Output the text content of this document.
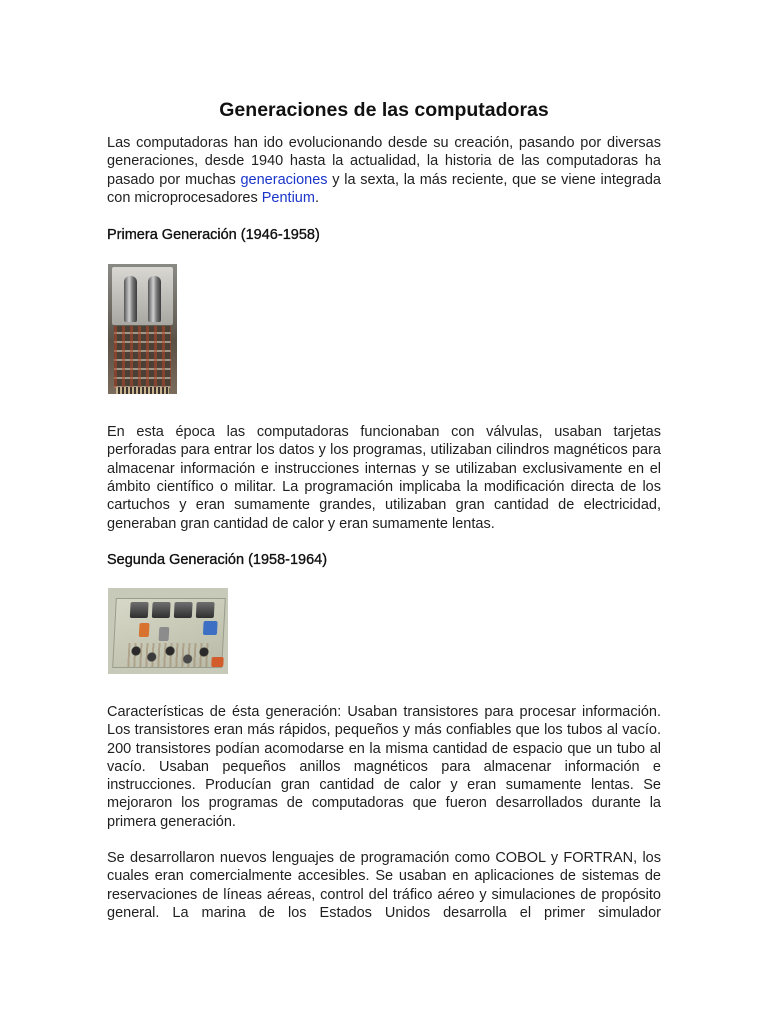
Generaciones de las computadoras

Las computadoras han ido evolucionando desde su creación, pasando por diversas generaciones, desde 1940 hasta la actualidad, la historia de las computadoras ha pasado por muchas generaciones y la sexta, la más reciente, que se viene integrada con microprocesadores Pentium.

Primera Generación (1946-1958)

En esta época las computadoras funcionaban con válvulas, usaban tarjetas perforadas para entrar los datos y los programas, utilizaban cilindros magnéticos para almacenar información e instrucciones internas y se utilizaban exclusivamente en el ámbito científico o militar. La programación implicaba la modificación directa de los cartuchos y eran sumamente grandes, utilizaban gran cantidad de electricidad, generaban gran cantidad de calor y eran sumamente lentas.

Segunda Generación (1958-1964)

Características de ésta generación: Usaban transistores para procesar información. Los transistores eran más rápidos, pequeños y más confiables que los tubos al vacío. 200 transistores podían acomodarse en la misma cantidad de espacio que un tubo al vacío. Usaban pequeños anillos magnéticos para almacenar información e instrucciones. Producían gran cantidad de calor y eran sumamente lentas. Se mejoraron los programas de computadoras que fueron desarrollados durante la primera generación.

Se desarrollaron nuevos lenguajes de programación como COBOL y FORTRAN, los cuales eran comercialmente accesibles. Se usaban en aplicaciones de sistemas de reservaciones de líneas aéreas, control del tráfico aéreo y simulaciones de propósito general. La marina de los Estados Unidos desarrolla el primer simulador
